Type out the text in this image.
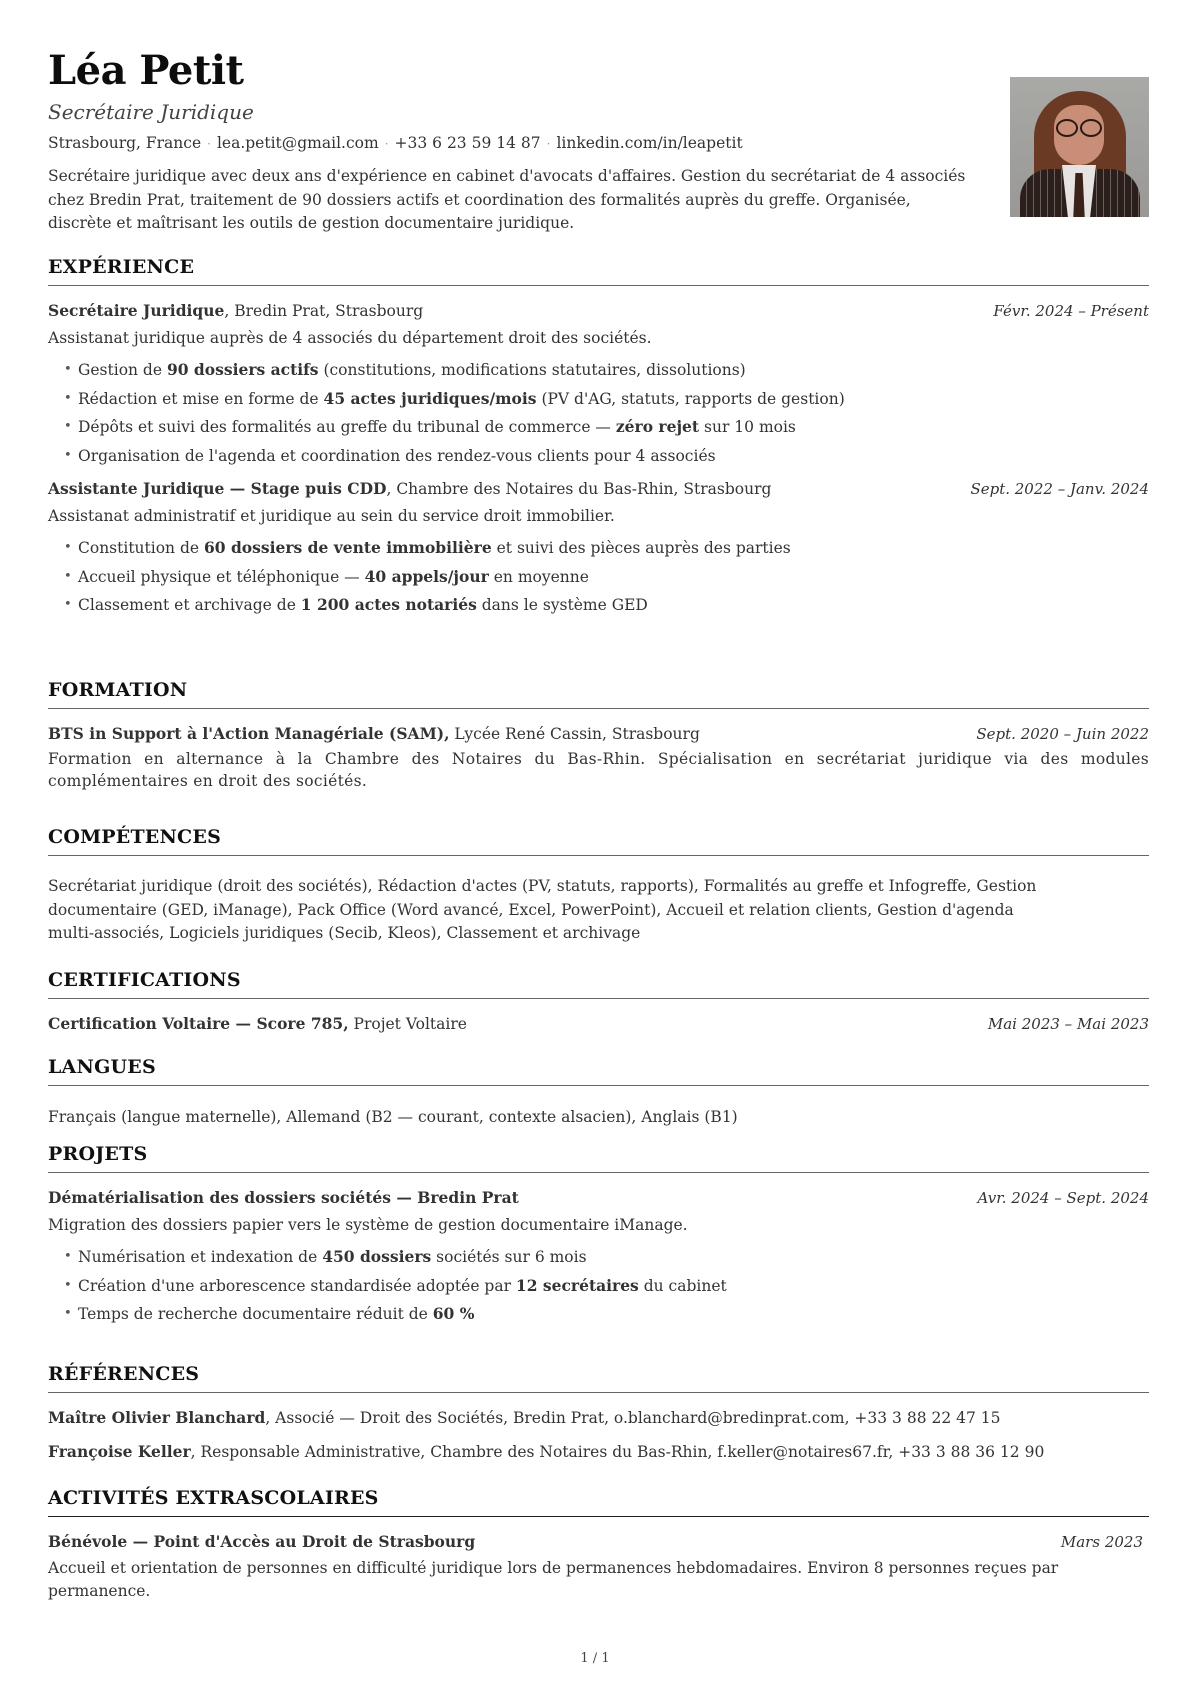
Léa Petit
Secrétaire Juridique
Strasbourg, France · lea.petit@gmail.com · +33 6 23 59 14 87 · linkedin.com/in/leapetit
Secrétaire juridique avec deux ans d'expérience en cabinet d'avocats d'affaires. Gestion du secrétariat de 4 associés chez Bredin Prat, traitement de 90 dossiers actifs et coordination des formalités auprès du greffe. Organisée, discrète et maîtrisant les outils de gestion documentaire juridique.
EXPÉRIENCE
Secrétaire Juridique, Bredin Prat, Strasbourg	Févr. 2024 – Présent
Assistanat juridique auprès de 4 associés du département droit des sociétés.
• Gestion de 90 dossiers actifs (constitutions, modifications statutaires, dissolutions)
• Rédaction et mise en forme de 45 actes juridiques/mois (PV d'AG, statuts, rapports de gestion)
• Dépôts et suivi des formalités au greffe du tribunal de commerce — zéro rejet sur 10 mois
• Organisation de l'agenda et coordination des rendez-vous clients pour 4 associés
Assistante Juridique — Stage puis CDD, Chambre des Notaires du Bas-Rhin, Strasbourg	Sept. 2022 – Janv. 2024
Assistanat administratif et juridique au sein du service droit immobilier.
• Constitution de 60 dossiers de vente immobilière et suivi des pièces auprès des parties
• Accueil physique et téléphonique — 40 appels/jour en moyenne
• Classement et archivage de 1 200 actes notariés dans le système GED
FORMATION
BTS in Support à l'Action Managériale (SAM), Lycée René Cassin, Strasbourg	Sept. 2020 – Juin 2022
Formation en alternance à la Chambre des Notaires du Bas-Rhin. Spécialisation en secrétariat juridique via des modules complémentaires en droit des sociétés.
COMPÉTENCES
Secrétariat juridique (droit des sociétés), Rédaction d'actes (PV, statuts, rapports), Formalités au greffe et Infogreffe, Gestion documentaire (GED, iManage), Pack Office (Word avancé, Excel, PowerPoint), Accueil et relation clients, Gestion d'agenda multi-associés, Logiciels juridiques (Secib, Kleos), Classement et archivage
CERTIFICATIONS
Certification Voltaire — Score 785, Projet Voltaire	Mai 2023 – Mai 2023
LANGUES
Français (langue maternelle), Allemand (B2 — courant, contexte alsacien), Anglais (B1)
PROJETS
Dématérialisation des dossiers sociétés — Bredin Prat	Avr. 2024 – Sept. 2024
Migration des dossiers papier vers le système de gestion documentaire iManage.
• Numérisation et indexation de 450 dossiers sociétés sur 6 mois
• Création d'une arborescence standardisée adoptée par 12 secrétaires du cabinet
• Temps de recherche documentaire réduit de 60 %
RÉFÉRENCES
Maître Olivier Blanchard, Associé — Droit des Sociétés, Bredin Prat, o.blanchard@bredinprat.com, +33 3 88 22 47 15
Françoise Keller, Responsable Administrative, Chambre des Notaires du Bas-Rhin, f.keller@notaires67.fr, +33 3 88 36 12 90
ACTIVITÉS EXTRASCOLAIRES
Bénévole — Point d'Accès au Droit de Strasbourg	Mars 2023
Accueil et orientation de personnes en difficulté juridique lors de permanences hebdomadaires. Environ 8 personnes reçues par permanence.
1 / 1
